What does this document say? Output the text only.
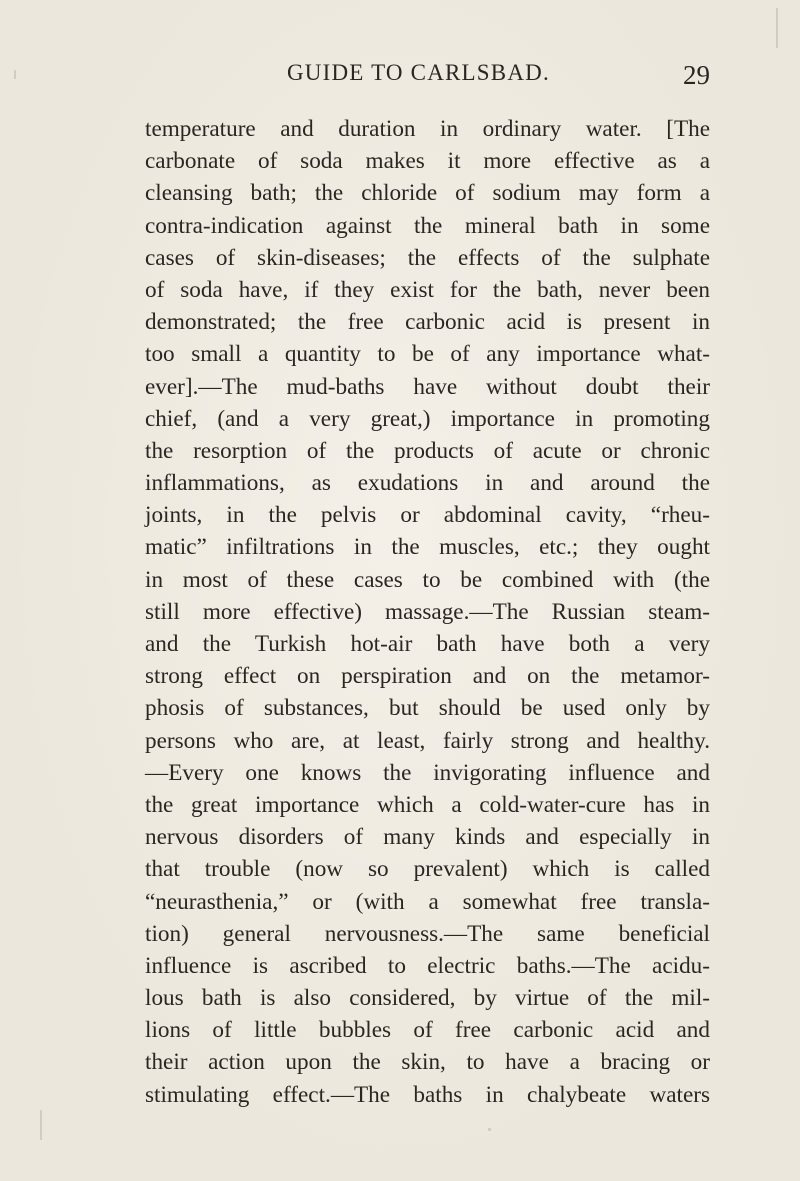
GUIDE TO CARLSBAD.	29
temperature and duration in ordinary water. [The
carbonate of soda makes it more effective as a
cleansing bath; the chloride of sodium may form a
contra-indication against the mineral bath in some
cases of skin-diseases; the effects of the sulphate
of soda have, if they exist for the bath, never been
demonstrated; the free carbonic acid is present in
too small a quantity to be of any importance what-
ever].—The mud-baths have without doubt their
chief, (and a very great,) importance in promoting
the resorption of the products of acute or chronic
inflammations, as exudations in and around the
joints, in the pelvis or abdominal cavity, “rheu-
matic” infiltrations in the muscles, etc.; they ought
in most of these cases to be combined with (the
still more effective) massage.—The Russian steam-
and the Turkish hot-air bath have both a very
strong effect on perspiration and on the metamor-
phosis of substances, but should be used only by
persons who are, at least, fairly strong and healthy.
—Every one knows the invigorating influence and
the great importance which a cold-water-cure has in
nervous disorders of many kinds and especially in
that trouble (now so prevalent) which is called
“neurasthenia,” or (with a somewhat free transla-
tion) general nervousness.—The same beneficial
influence is ascribed to electric baths.—The acidu-
lous bath is also considered, by virtue of the mil-
lions of little bubbles of free carbonic acid and
their action upon the skin, to have a bracing or
stimulating effect.—The baths in chalybeate waters
